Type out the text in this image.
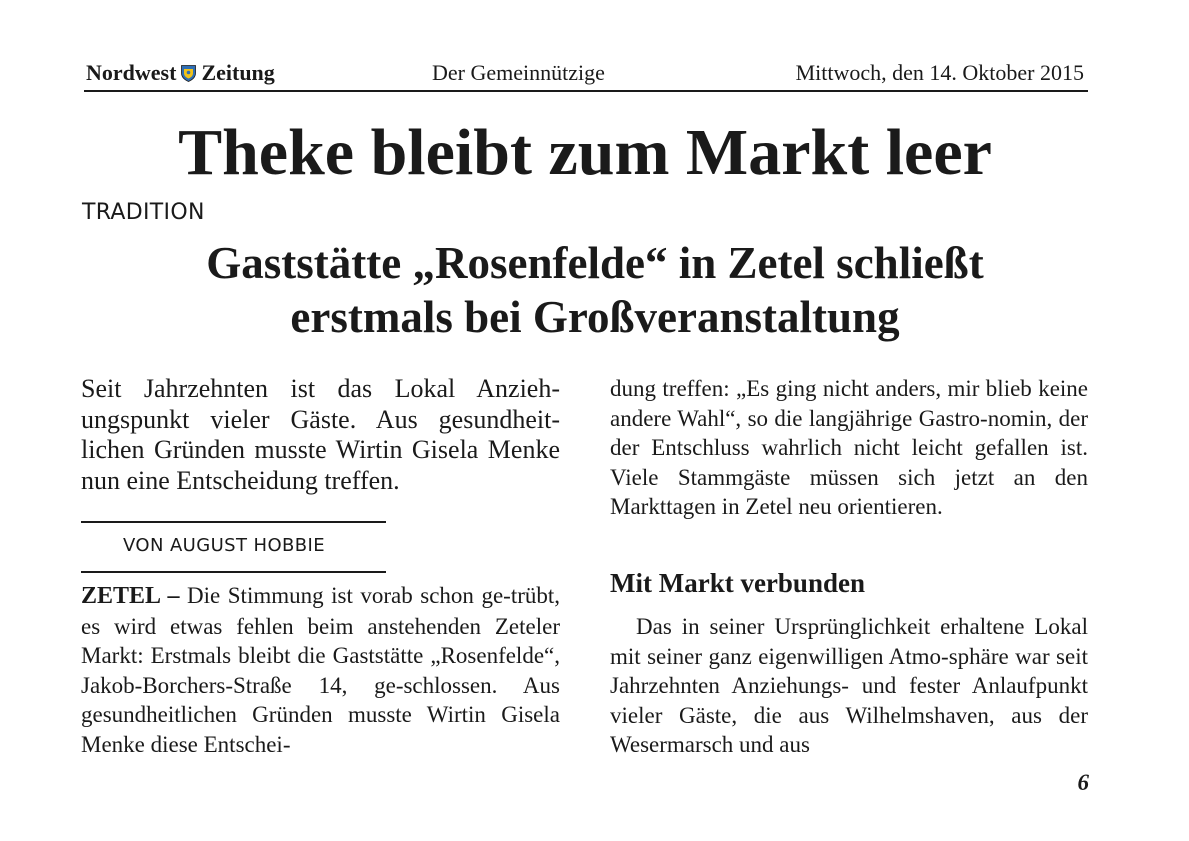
Nordwest Zeitung	Der Gemeinnützige	Mittwoch, den 14. Oktober 2015
Theke bleibt zum Markt leer
TRADITION
Gaststätte „Rosenfelde“ in Zetel schließt
erstmals bei Großveranstaltung
Seit Jahrzehnten ist das Lokal Anzieh-ungspunkt vieler Gäste. Aus gesundheit-lichen Gründen musste Wirtin Gisela Menke nun eine Entscheidung treffen.
VON AUGUST HOBBIE
ZETEL – Die Stimmung ist vorab schon ge-trübt, es wird etwas fehlen beim anstehenden Zeteler Markt: Erstmals bleibt die Gaststätte „Rosenfelde“, Jakob-Borchers-Straße 14, ge-schlossen. Aus gesundheitlichen Gründen musste Wirtin Gisela Menke diese Entschei-
dung treffen: „Es ging nicht anders, mir blieb keine andere Wahl“, so die langjährige Gastro-nomin, der der Entschluss wahrlich nicht leicht gefallen ist. Viele Stammgäste müssen sich jetzt an den Markttagen in Zetel neu orientieren.
Mit Markt verbunden
Das in seiner Ursprünglichkeit erhaltene Lokal mit seiner ganz eigenwilligen Atmo-sphäre war seit Jahrzehnten Anziehungs- und fester Anlaufpunkt vieler Gäste, die aus Wilhelmshaven, aus der Wesermarsch und aus
6
